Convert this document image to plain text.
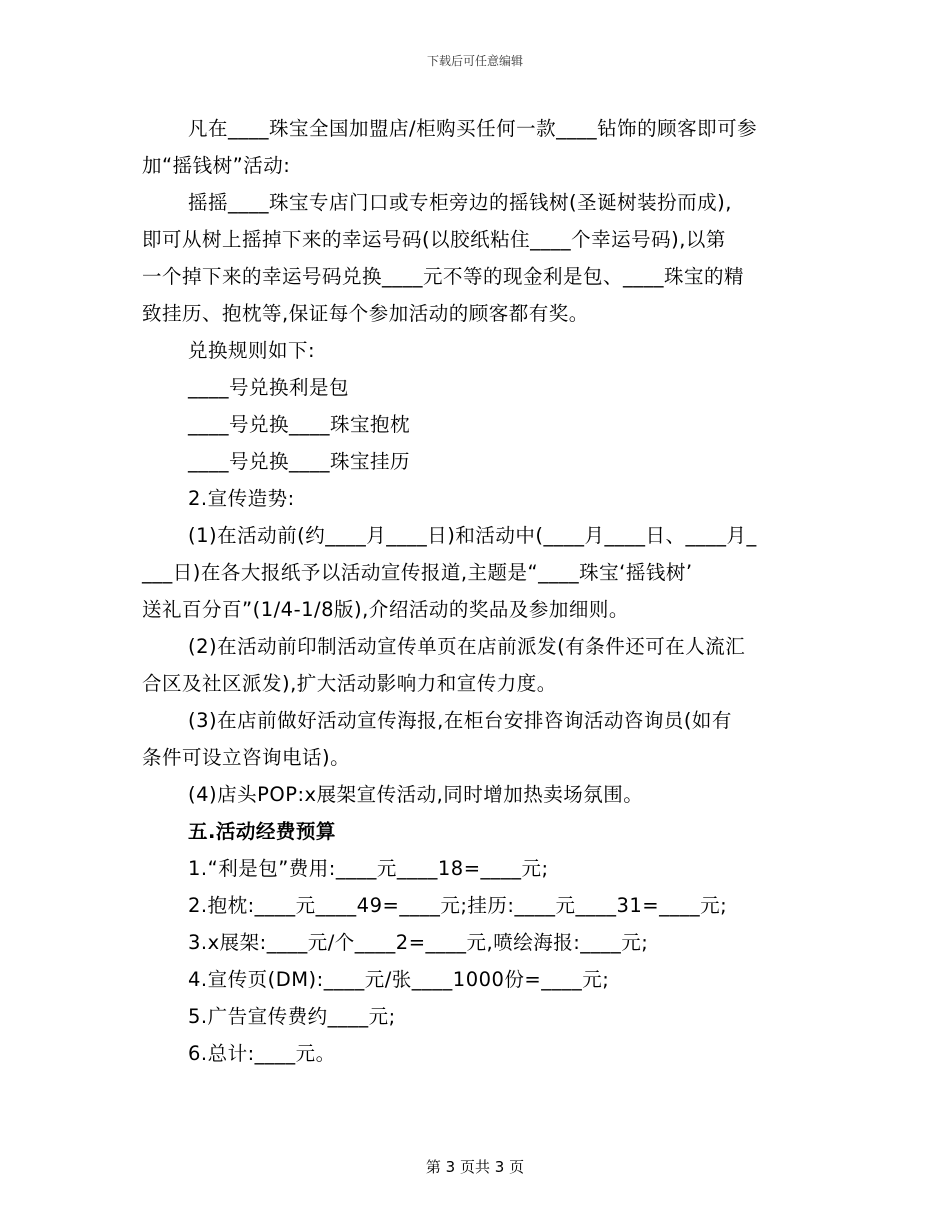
下载后可任意编辑
凡在____珠宝全国加盟店/柜购买任何一款____钻饰的顾客即可参
加“摇钱树”活动:
摇摇____珠宝专店门口或专柜旁边的摇钱树(圣诞树装扮而成),
即可从树上摇掉下来的幸运号码(以胶纸粘住____个幸运号码),以第
一个掉下来的幸运号码兑换____元不等的现金利是包、____珠宝的精
致挂历、抱枕等,保证每个参加活动的顾客都有奖。
兑换规则如下:
____号兑换利是包
____号兑换____珠宝抱枕
____号兑换____珠宝挂历
2.宣传造势:
(1)在活动前(约____月____日)和活动中(____月____日、____月_
___日)在各大报纸予以活动宣传报道,主题是“____珠宝‘摇钱树’
送礼百分百”(1/4-1/8版),介绍活动的奖品及参加细则。
(2)在活动前印制活动宣传单页在店前派发(有条件还可在人流汇
合区及社区派发),扩大活动影响力和宣传力度。
(3)在店前做好活动宣传海报,在柜台安排咨询活动咨询员(如有
条件可设立咨询电话)。
(4)店头POP:x展架宣传活动,同时增加热卖场氛围。
五.活动经费预算
1.“利是包”费用:____元____18=____元;
2.抱枕:____元____49=____元;挂历:____元____31=____元;
3.x展架:____元/个____2=____元,喷绘海报:____元;
4.宣传页(DM):____元/张____1000份=____元;
5.广告宣传费约____元;
6.总计:____元。
第 3 页共 3 页
